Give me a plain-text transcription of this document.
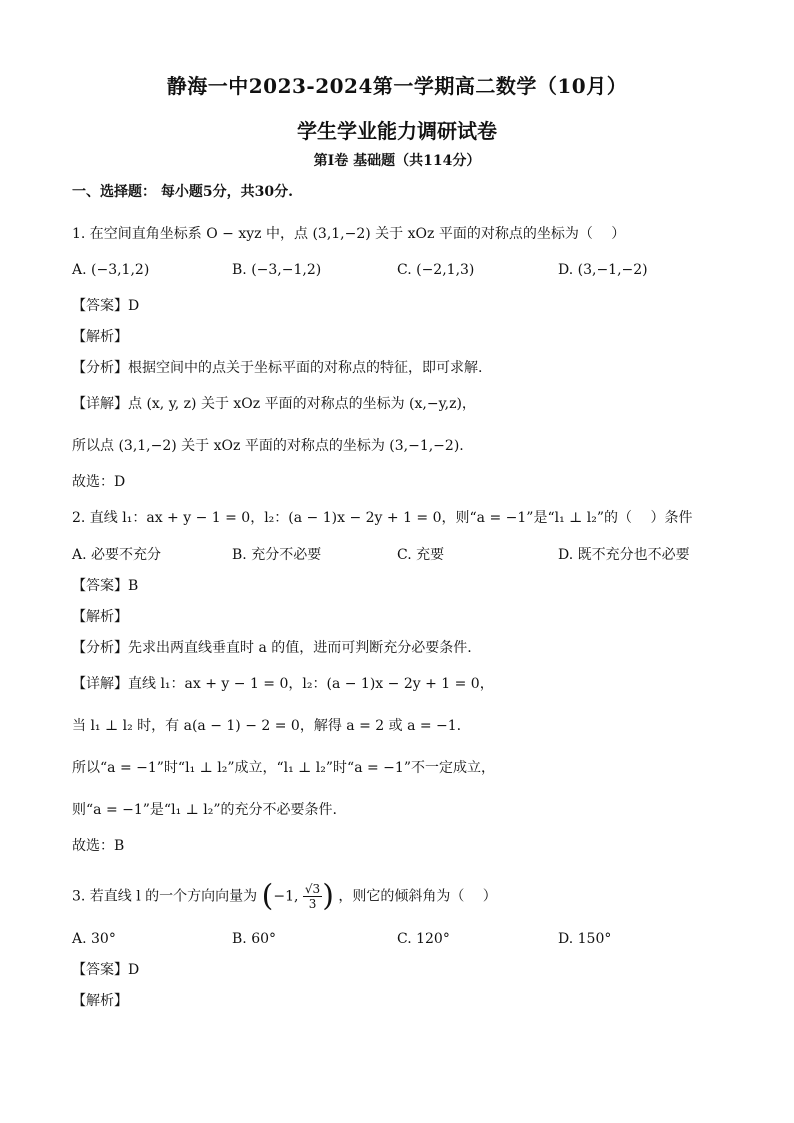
静海一中2023-2024第一学期高二数学（10月）
学生学业能力调研试卷
第Ⅰ卷 基础题（共114分）
一、选择题： 每小题5分，共30分.
1. 在空间直角坐标系 O − xyz 中，点 (3,1,−2) 关于 xOz 平面的对称点的坐标为（　 ）
A. (−3,1,2)	B. (−3,−1,2)	C. (−2,1,3)	D. (3,−1,−2)
【答案】D
【解析】
【分析】根据空间中的点关于坐标平面的对称点的特征，即可求解.
【详解】点 (x, y, z) 关于 xOz 平面的对称点的坐标为 (x,−y,z)，
所以点 (3,1,−2) 关于 xOz 平面的对称点的坐标为 (3,−1,−2).
故选：D
2. 直线 l₁：ax + y − 1 = 0，l₂：(a − 1)x − 2y + 1 = 0，则“a = −1”是“l₁ ⊥ l₂”的（　 ）条件
A. 必要不充分	B. 充分不必要	C. 充要	D. 既不充分也不必要
【答案】B
【解析】
【分析】先求出两直线垂直时 a 的值，进而可判断充分必要条件.
【详解】直线 l₁：ax + y − 1 = 0，l₂：(a − 1)x − 2y + 1 = 0，
当 l₁ ⊥ l₂ 时，有 a(a − 1) − 2 = 0，解得 a = 2 或 a = −1.
所以“a = −1”时“l₁ ⊥ l₂”成立，“l₁ ⊥ l₂”时“a = −1”不一定成立，
则“a = −1”是“l₁ ⊥ l₂”的充分不必要条件.
故选：B
3. 若直线 l 的一个方向向量为 (−1, $\frac{√3}{3}$ ) ，则它的倾斜角为（　 ）
A. 30°	B. 60°	C. 120°	D. 150°
【答案】D
【解析】
